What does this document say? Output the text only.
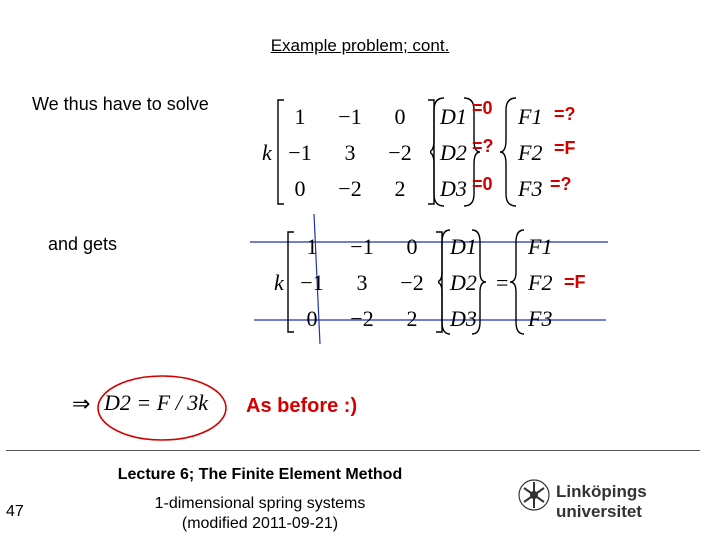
Example problem; cont.
We thus have to solve
and gets
k
1	−1	0
−1	3	−2
0	−2	2
D1
D2
D3
F1
F2
F3
=0
=?
=0
=?
=F
=?
k
1	−1	0
−1	3	−2
0	−2	2
D1
D2
D3
=
F1
F2
F3
=F
⇒ D2 = F / 3k As before :)
Lecture 6; The Finite Element Method
1-dimensional spring systems
(modified 2011-09-21)
47
Linköpings universitet
